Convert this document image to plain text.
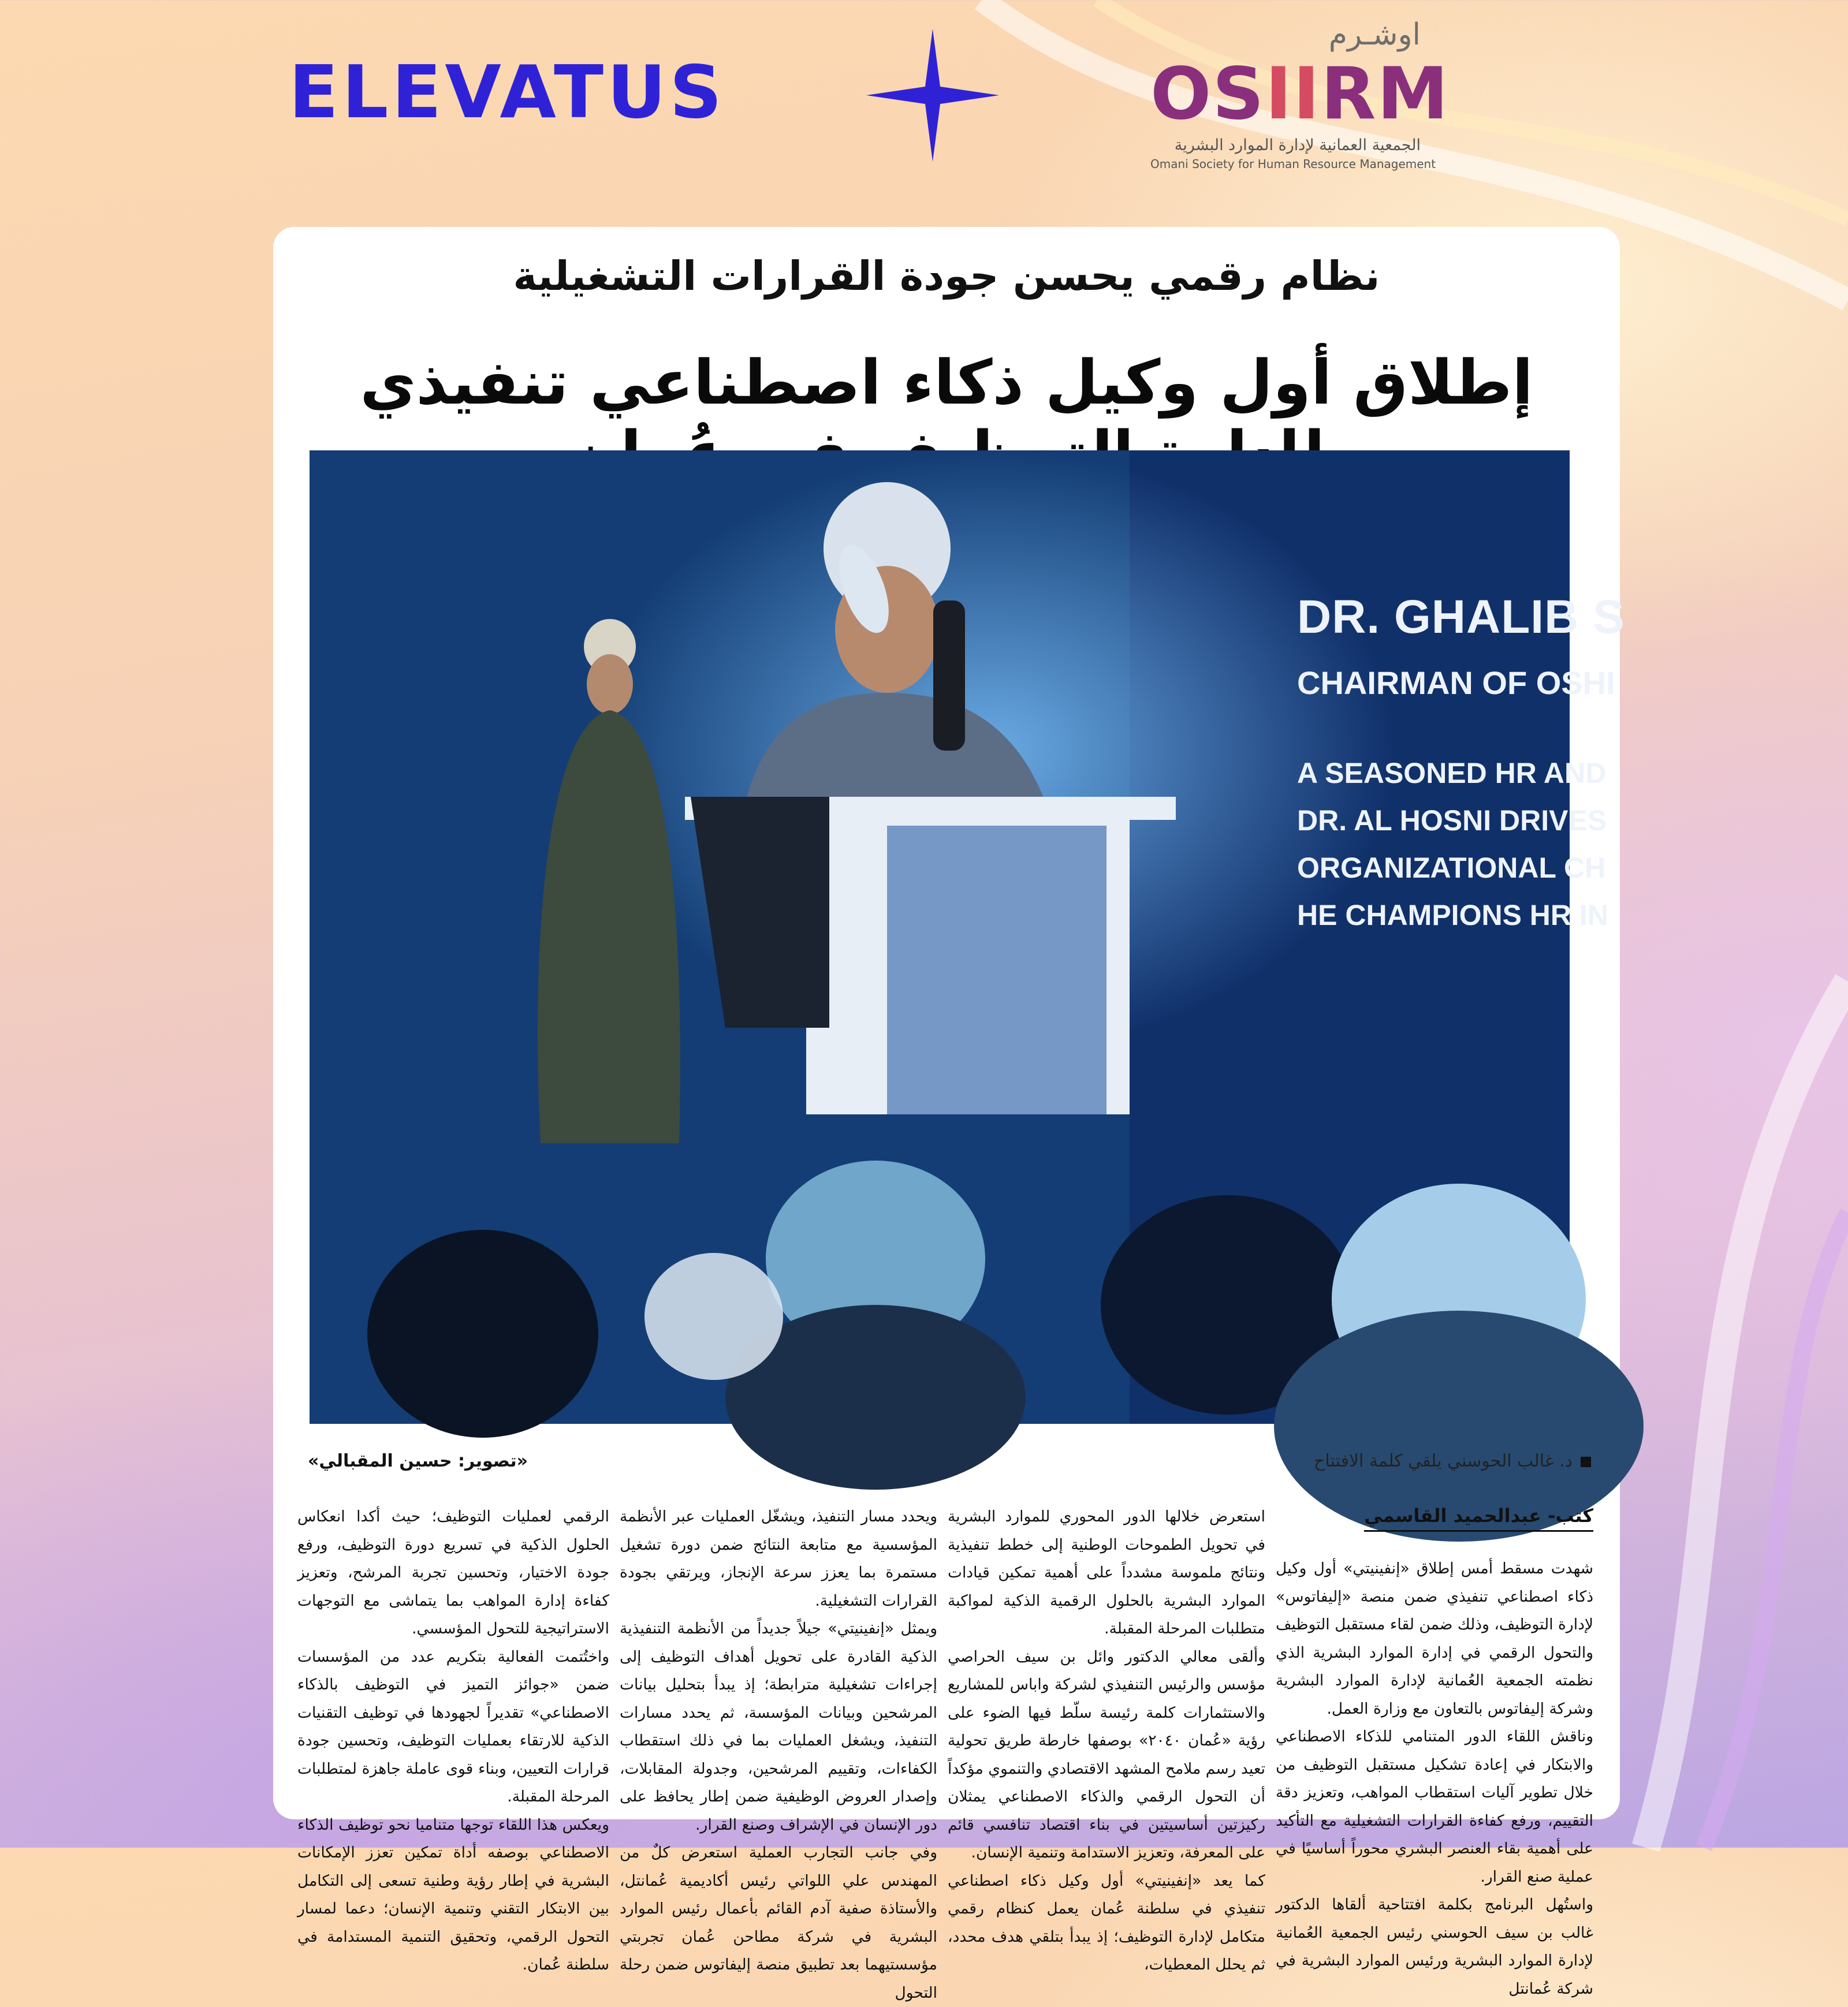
ELEVATUS
اوشـرم
OSIIRM
الجمعية العمانية لإدارة الموارد البشرية
Omani Society for Human Resource Management
نظام رقمي يحسن جودة القرارات التشغيلية
إطلاق أول وكيل ذكاء اصطناعي تنفيذي
DR. GHALIB S
CHAIRMAN OF OSHI
A SEASONED HR AND
DR. AL HOSNI DRIVES
ORGANIZATIONAL CH
HE CHAMPIONS HR IN
د. غالب الحوسني يلقي كلمة الافتتاح
«تصوير: حسين المقبالي»
كتب- عبدالحميد القاسمي

شهدت مسقط أمس إطلاق «إنفينيتي» أول وكيل ذكاء اصطناعي تنفيذي ضمن منصة «إليفاتوس» لإدارة التوظيف، وذلك ضمن لقاء مستقبل التوظيف والتحول الرقمي في إدارة الموارد البشرية الذي نظمته الجمعية العُمانية لإدارة الموارد البشرية وشركة إليفاتوس بالتعاون مع وزارة العمل.

وناقش اللقاء الدور المتنامي للذكاء الاصطناعي والابتكار في إعادة تشكيل مستقبل التوظيف من خلال تطوير آليات استقطاب المواهب، وتعزيز دقة التقييم، ورفع كفاءة القرارات التشغيلية مع التأكيد على أهمية بقاء العنصر البشري محوراً أساسيًا في عملية صنع القرار.

واستُهل البرنامج بكلمة افتتاحية ألقاها الدكتور غالب بن سيف الحوسني رئيس الجمعية العُمانية لإدارة الموارد البشرية ورئيس الموارد البشرية في شركة عُمانتل

استعرض خلالها الدور المحوري للموارد البشرية في تحويل الطموحات الوطنية إلى خطط تنفيذية ونتائج ملموسة مشدداً على أهمية تمكين قيادات الموارد البشرية بالحلول الرقمية الذكية لمواكبة متطلبات المرحلة المقبلة.

وألقى معالي الدكتور وائل بن سيف الحراصي مؤسس والرئيس التنفيذي لشركة واباس للمشاريع والاستثمارات كلمة رئيسة سلّط فيها الضوء على رؤية «عُمان ٢٠٤٠» بوصفها خارطة طريق تحولية تعيد رسم ملامح المشهد الاقتصادي والتنموي مؤكداً أن التحول الرقمي والذكاء الاصطناعي يمثلان ركيزتين أساسيتين في بناء اقتصاد تنافسي قائم على المعرفة، وتعزيز الاستدامة وتنمية الإنسان.

كما يعد «إنفينيتي» أول وكيل ذكاء اصطناعي تنفيذي في سلطنة عُمان يعمل كنظام رقمي متكامل لإدارة التوظيف؛ إذ يبدأ بتلقي هدف محدد، ثم يحلل المعطيات،

ويحدد مسار التنفيذ، ويشغّل العمليات عبر الأنظمة المؤسسية مع متابعة النتائج ضمن دورة تشغيل مستمرة بما يعزز سرعة الإنجاز، ويرتقي بجودة القرارات التشغيلية.

ويمثل «إنفينيتي» جيلاً جديداً من الأنظمة التنفيذية الذكية القادرة على تحويل أهداف التوظيف إلى إجراءات تشغيلية مترابطة؛ إذ يبدأ بتحليل بيانات المرشحين وبيانات المؤسسة، ثم يحدد مسارات التنفيذ، ويشغل العمليات بما في ذلك استقطاب الكفاءات، وتقييم المرشحين، وجدولة المقابلات، وإصدار العروض الوظيفية ضمن إطار يحافظ على دور الإنسان في الإشراف وصنع القرار.

وفي جانب التجارب العملية استعرض كلٌ من المهندس علي اللواتي رئيس أكاديمية عُمانتل، والأستاذة صفية آدم القائم بأعمال رئيس الموارد البشرية في شركة مطاحن عُمان تجربتي مؤسستيهما بعد تطبيق منصة إليفاتوس ضمن رحلة التحول

الرقمي لعمليات التوظيف؛ حيث أكدا انعكاس الحلول الذكية في تسريع دورة التوظيف، ورفع جودة الاختيار، وتحسين تجربة المرشح، وتعزيز كفاءة إدارة المواهب بما يتماشى مع التوجهات الاستراتيجية للتحول المؤسسي.

واختُتمت الفعالية بتكريم عدد من المؤسسات ضمن «جوائز التميز في التوظيف بالذكاء الاصطناعي» تقديراً لجهودها في توظيف التقنيات الذكية للارتقاء بعمليات التوظيف، وتحسين جودة قرارات التعيين، وبناء قوى عاملة جاهزة لمتطلبات المرحلة المقبلة.

ويعكس هذا اللقاء توجها متناميا نحو توظيف الذكاء الاصطناعي بوصفه أداة تمكين تعزز الإمكانات البشرية في إطار رؤية وطنية تسعى إلى التكامل بين الابتكار التقني وتنمية الإنسان؛ دعما لمسار التحول الرقمي، وتحقيق التنمية المستدامة في سلطنة عُمان.
